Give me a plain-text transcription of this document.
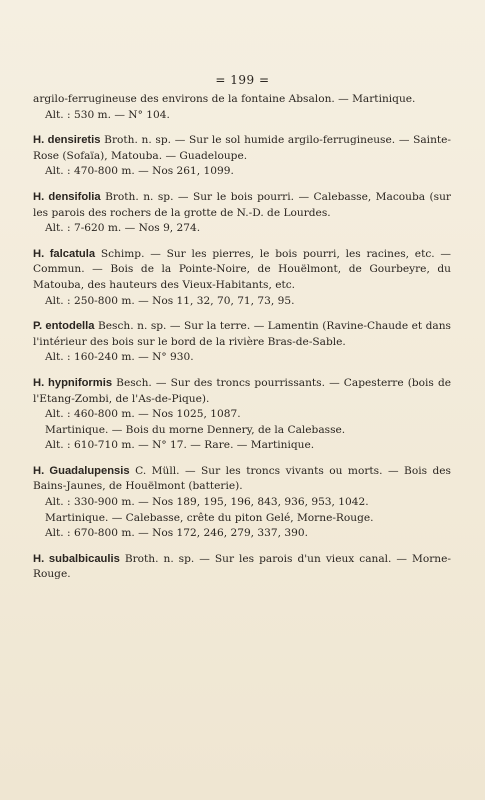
= 199 =

argilo-ferrugineuse des environs de la fontaine Absalon. — Martinique.

Alt. : 530 m. — N° 104.

H. densiretis Broth. n. sp. — Sur le sol humide argilo-ferrugineuse. — Sainte-Rose (Sofaïa), Matouba. — Guadeloupe.

Alt. : 470-800 m. — Nos 261, 1099.

H. densifolia Broth. n. sp. — Sur le bois pourri. — Calebasse, Macouba (sur les parois des rochers de la grotte de N.-D. de Lourdes.

Alt. : 7-620 m. — Nos 9, 274.

H. falcatula Schimp. — Sur les pierres, le bois pourri, les racines, etc. — Commun. — Bois de la Pointe-Noire, de Houëlmont, de Gourbeyre, du Matouba, des hauteurs des Vieux-Habitants, etc.

Alt. : 250-800 m. — Nos 11, 32, 70, 71, 73, 95.

P. entodella Besch. n. sp. — Sur la terre. — Lamentin (Ravine-Chaude et dans l'intérieur des bois sur le bord de la rivière Bras-de-Sable.

Alt. : 160-240 m. — N° 930.

H. hypniformis Besch. — Sur des troncs pourrissants. — Capesterre (bois de l'Etang-Zombi, de l'As-de-Pique).

Alt. : 460-800 m. — Nos 1025, 1087.

Martinique. — Bois du morne Dennery, de la Calebasse.

Alt. : 610-710 m. — N° 17. — Rare. — Martinique.

H. Guadalupensis C. Müll. — Sur les troncs vivants ou morts. — Bois des Bains-Jaunes, de Houëlmont (batterie).

Alt. : 330-900 m. — Nos 189, 195, 196, 843, 936, 953, 1042.

Martinique. — Calebasse, crête du piton Gelé, Morne-Rouge.

Alt. : 670-800 m. — Nos 172, 246, 279, 337, 390.

H. subalbicaulis Broth. n. sp. — Sur les parois d'un vieux canal. — Morne-Rouge.
